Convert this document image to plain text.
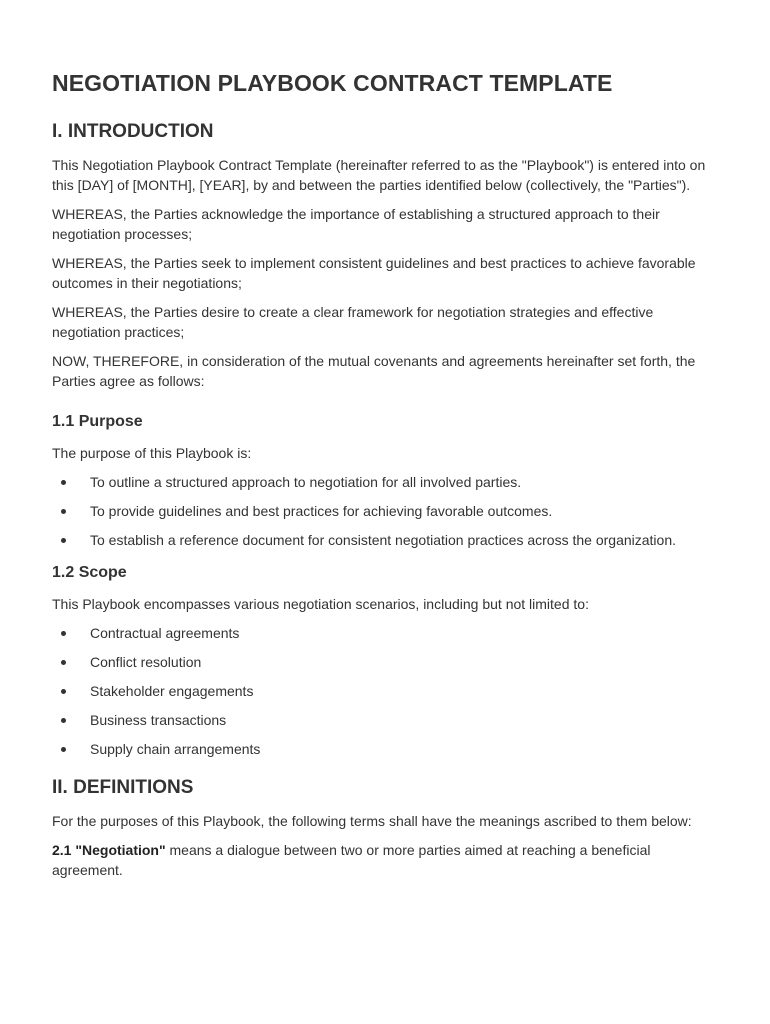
NEGOTIATION PLAYBOOK CONTRACT TEMPLATE
I. INTRODUCTION

This Negotiation Playbook Contract Template (hereinafter referred to as the "Playbook") is entered into on this [DAY] of [MONTH], [YEAR], by and between the parties identified below (collectively, the "Parties").

WHEREAS, the Parties acknowledge the importance of establishing a structured approach to their negotiation processes;

WHEREAS, the Parties seek to implement consistent guidelines and best practices to achieve favorable outcomes in their negotiations;

WHEREAS, the Parties desire to create a clear framework for negotiation strategies and effective negotiation practices;

NOW, THEREFORE, in consideration of the mutual covenants and agreements hereinafter set forth, the Parties agree as follows:

1.1 Purpose

The purpose of this Playbook is:

To outline a structured approach to negotiation for all involved parties.
To provide guidelines and best practices for achieving favorable outcomes.
To establish a reference document for consistent negotiation practices across the organization.
1.2 Scope

This Playbook encompasses various negotiation scenarios, including but not limited to:

Contractual agreements
Conflict resolution
Stakeholder engagements
Business transactions
Supply chain arrangements
II. DEFINITIONS

For the purposes of this Playbook, the following terms shall have the meanings ascribed to them below:

2.1 "Negotiation" means a dialogue between two or more parties aimed at reaching a beneficial agreement.
